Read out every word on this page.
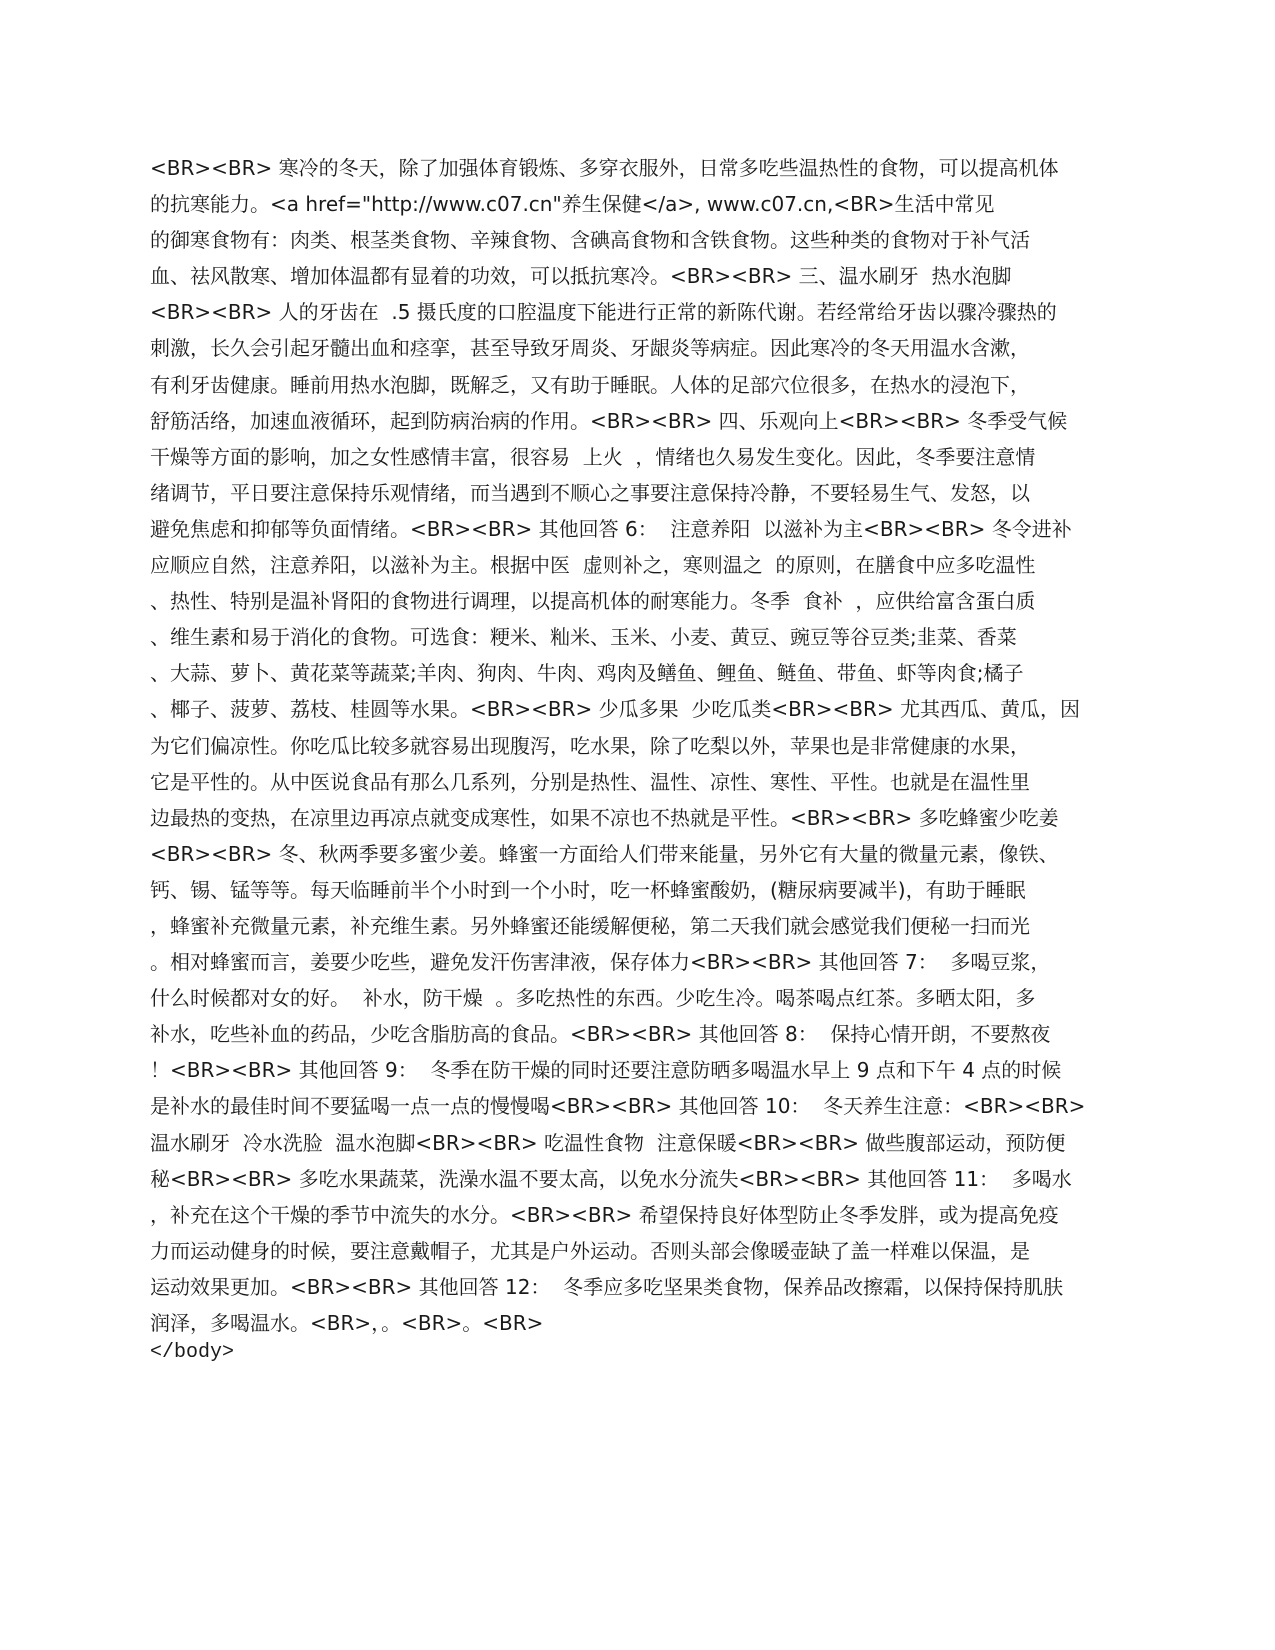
<BR><BR> 寒冷的冬天，除了加强体育锻炼、多穿衣服外，日常多吃些温热性的食物，可以提高机体
的抗寒能力。<a href="http://www.c07.cn"养生保健</a>, www.c07.cn,<BR>生活中常见
的御寒食物有：肉类、根茎类食物、辛辣食物、含碘高食物和含铁食物。这些种类的食物对于补气活
血、祛风散寒、增加体温都有显着的功效，可以抵抗寒冷。<BR><BR> 三、温水刷牙  热水泡脚
<BR><BR> 人的牙齿在  .5 摄氏度的口腔温度下能进行正常的新陈代谢。若经常给牙齿以骤冷骤热的
刺激，长久会引起牙髓出血和痉挛，甚至导致牙周炎、牙龈炎等病症。因此寒冷的冬天用温水含漱，
有利牙齿健康。睡前用热水泡脚，既解乏，又有助于睡眠。人体的足部穴位很多，在热水的浸泡下，
舒筋活络，加速血液循环，起到防病治病的作用。<BR><BR> 四、乐观向上<BR><BR> 冬季受气候
干燥等方面的影响，加之女性感情丰富，很容易  上火  ，情绪也久易发生变化。因此，冬季要注意情
绪调节，平日要注意保持乐观情绪，而当遇到不顺心之事要注意保持冷静，不要轻易生气、发怒，以
避免焦虑和抑郁等负面情绪。<BR><BR> 其他回答 6：  注意养阳  以滋补为主<BR><BR> 冬令进补
应顺应自然，注意养阳，以滋补为主。根据中医  虚则补之，寒则温之  的原则，在膳食中应多吃温性
、热性、特别是温补肾阳的食物进行调理，以提高机体的耐寒能力。冬季  食补  ，应供给富含蛋白质
、维生素和易于消化的食物。可选食：粳米、籼米、玉米、小麦、黄豆、豌豆等谷豆类;韭菜、香菜
、大蒜、萝卜、黄花菜等蔬菜;羊肉、狗肉、牛肉、鸡肉及鳝鱼、鲤鱼、鲢鱼、带鱼、虾等肉食;橘子
、椰子、菠萝、荔枝、桂圆等水果。<BR><BR> 少瓜多果  少吃瓜类<BR><BR> 尤其西瓜、黄瓜，因
为它们偏凉性。你吃瓜比较多就容易出现腹泻，吃水果，除了吃梨以外，苹果也是非常健康的水果，
它是平性的。从中医说食品有那么几系列，分别是热性、温性、凉性、寒性、平性。也就是在温性里
边最热的变热，在凉里边再凉点就变成寒性，如果不凉也不热就是平性。<BR><BR> 多吃蜂蜜少吃姜
<BR><BR> 冬、秋两季要多蜜少姜。蜂蜜一方面给人们带来能量，另外它有大量的微量元素，像铁、
钙、锡、锰等等。每天临睡前半个小时到一个小时，吃一杯蜂蜜酸奶，(糖尿病要减半)，有助于睡眠
，蜂蜜补充微量元素，补充维生素。另外蜂蜜还能缓解便秘，第二天我们就会感觉我们便秘一扫而光
。相对蜂蜜而言，姜要少吃些，避免发汗伤害津液，保存体力<BR><BR> 其他回答 7：  多喝豆浆，
什么时候都对女的好。  补水，防干燥  。多吃热性的东西。少吃生冷。喝茶喝点红茶。多晒太阳，多
补水，吃些补血的药品，少吃含脂肪高的食品。<BR><BR> 其他回答 8：  保持心情开朗，不要熬夜
！<BR><BR> 其他回答 9：  冬季在防干燥的同时还要注意防晒多喝温水早上 9 点和下午 4 点的时候
是补水的最佳时间不要猛喝一点一点的慢慢喝<BR><BR> 其他回答 10：  冬天养生注意：<BR><BR>
温水刷牙  冷水洗脸  温水泡脚<BR><BR> 吃温性食物  注意保暖<BR><BR> 做些腹部运动，预防便
秘<BR><BR> 多吃水果蔬菜，洗澡水温不要太高，以免水分流失<BR><BR> 其他回答 11：  多喝水
，补充在这个干燥的季节中流失的水分。<BR><BR> 希望保持良好体型防止冬季发胖，或为提高免疫
力而运动健身的时候，要注意戴帽子，尤其是户外运动。否则头部会像暖壶缺了盖一样难以保温，是
运动效果更加。<BR><BR> 其他回答 12：  冬季应多吃坚果类食物，保养品改擦霜，以保持保持肌肤
润泽，多喝温水。<BR>，。<BR>。<BR>
</body>
